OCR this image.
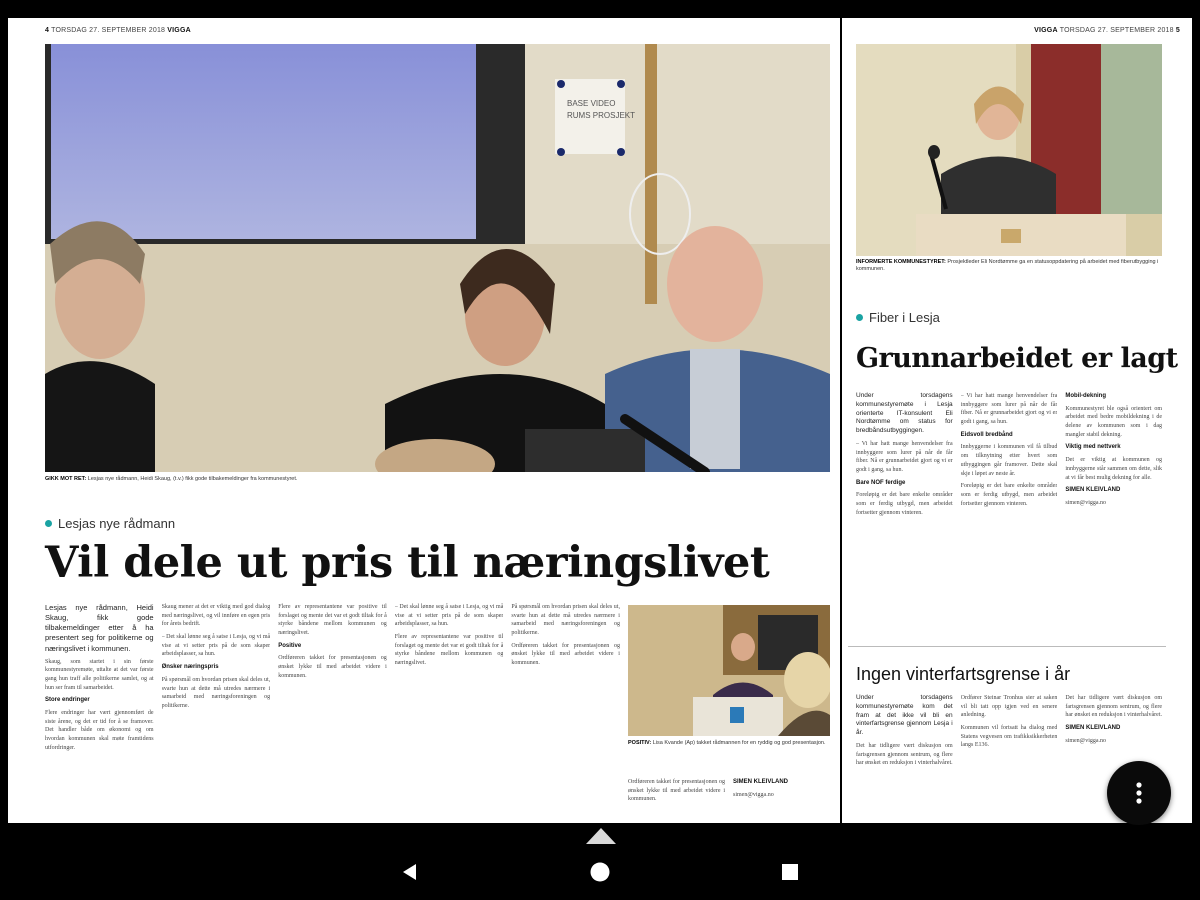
4 TORSDAG 27. SEPTEMBER 2018 VIGGA
BASE VIDEO
RUMS PROSJEKT
GIKK MOT RET: Lesjas nye rådmann, Heidi Skaug, (t.v.) fikk gode tilbakemeldinger fra kommunestyret.
Lesjas nye rådmann
Vil dele ut pris til næringslivet

Lesjas nye rådmann, Heidi Skaug, fikk gode tilbakemeldinger etter å ha presentert seg for politikerne og næringslivet i kommunen.

Skaug, som startet i sin første kommunestyremøte, uttalte at det var første gang hun traff alle politikerne samlet, og at hun ser fram til samarbeidet.

Store endringer

Flere endringer har vært gjennomført de siste årene, og det er tid for å se framover. Det handler både om økonomi og om hvordan kommunen skal møte framtidens utfordringer.

Skaug mener at det er viktig med god dialog med næringslivet, og vil innføre en egen pris for årets bedrift.

– Det skal lønne seg å satse i Lesja, og vi må vise at vi setter pris på de som skaper arbeidsplasser, sa hun.

Ønsker næringspris

På spørsmål om hvordan prisen skal deles ut, svarte hun at dette må utredes nærmere i samarbeid med næringsforeningen og politikerne.

Flere av representantene var positive til forslaget og mente det var et godt tiltak for å styrke båndene mellom kommunen og næringslivet.

Positive

Ordføreren takket for presentasjonen og ønsket lykke til med arbeidet videre i kommunen.

– Det skal lønne seg å satse i Lesja, og vi må vise at vi setter pris på de som skaper arbeidsplasser, sa hun.

Flere av representantene var positive til forslaget og mente det var et godt tiltak for å styrke båndene mellom kommunen og næringslivet.

På spørsmål om hvordan prisen skal deles ut, svarte hun at dette må utredes nærmere i samarbeid med næringsforeningen og politikerne.

Ordføreren takket for presentasjonen og ønsket lykke til med arbeidet videre i kommunen.

POSITIV: Lisa Kvande (Ap) takket rådmannen for en ryddig og god presentasjon.

Ordføreren takket for presentasjonen og ønsket lykke til med arbeidet videre i kommunen.

SIMEN KLEIVLAND

simen@vigga.no

VIGGA TORSDAG 27. SEPTEMBER 2018 5
INFORMERTE KOMMUNESTYRET: Prosjektleder Eli Nordtømme ga en statusoppdatering på arbeidet med fiberutbygging i kommunen.
Fiber i Lesja
Grunnarbeidet er lagt

Under torsdagens kommunestyremøte i Lesja orienterte IT-konsulent Eli Nordtømme om status for bredbåndsutbyggingen.

– Vi har hatt mange henvendelser fra innbyggere som lurer på når de får fiber. Nå er grunnarbeidet gjort og vi er godt i gang, sa hun.

Bare NOF ferdige

Foreløpig er det bare enkelte områder som er ferdig utbygd, men arbeidet fortsetter gjennom vinteren.

– Vi har hatt mange henvendelser fra innbyggere som lurer på når de får fiber. Nå er grunnarbeidet gjort og vi er godt i gang, sa hun.

Eidsvoll bredbånd

Innbyggerne i kommunen vil få tilbud om tilknytning etter hvert som utbyggingen går framover. Dette skal skje i løpet av neste år.

Foreløpig er det bare enkelte områder som er ferdig utbygd, men arbeidet fortsetter gjennom vinteren.

Mobil-dekning

Kommunestyret ble også orientert om arbeidet med bedre mobildekning i de delene av kommunen som i dag mangler stabil dekning.

Viktig med nettverk

Det er viktig at kommunen og innbyggerne står sammen om dette, slik at vi får best mulig dekning for alle.

SIMEN KLEIVLAND

simen@vigga.no

Ingen vinterfartsgrense i år

Under torsdagens kommunestyremøte kom det fram at det ikke vil bli en vinterfartsgrense gjennom Lesja i år.

Det har tidligere vært diskusjon om fartsgrensen gjennom sentrum, og flere har ønsket en reduksjon i vinterhalvåret.

Ordfører Steinar Tronhus sier at saken vil bli tatt opp igjen ved en senere anledning.

Kommunen vil fortsatt ha dialog med Statens vegvesen om trafikksikkerheten langs E136.

Det har tidligere vært diskusjon om fartsgrensen gjennom sentrum, og flere har ønsket en reduksjon i vinterhalvåret.

SIMEN KLEIVLAND

simen@vigga.no
